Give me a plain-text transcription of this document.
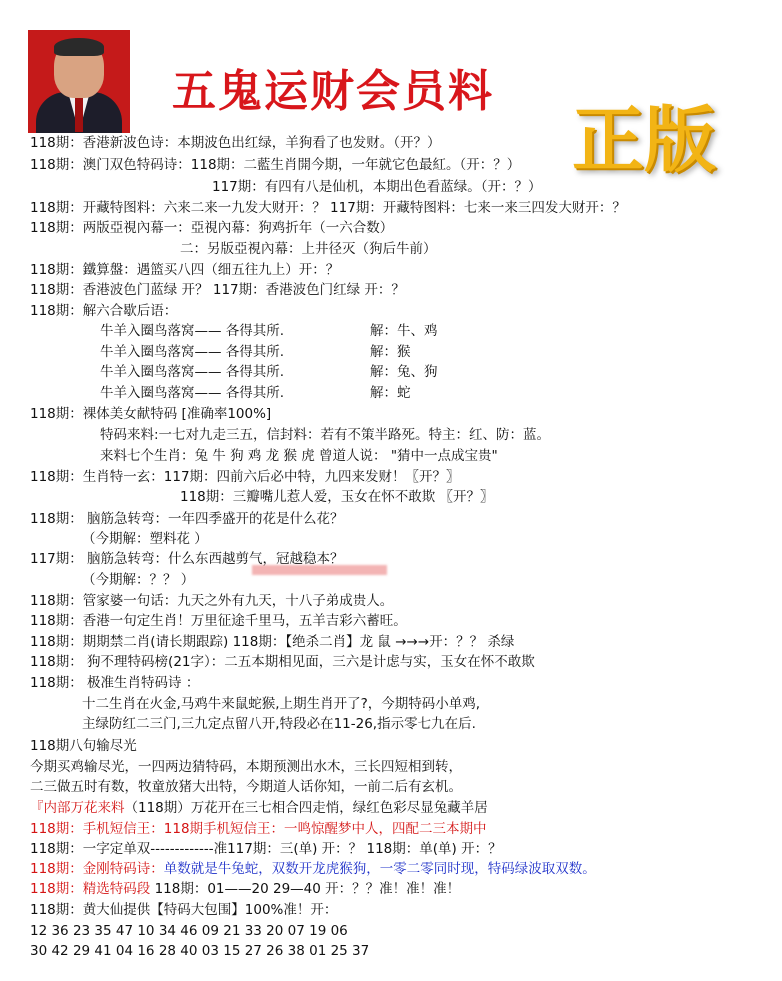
五鬼运财会员料
正版
118期：香港新波色诗：本期波色出红绿，羊狗看了也发财。（开？）
118期：澳门双色特码诗：118期：二藍生肖開今期，一年就它色最紅。（开：？）
117期：有四有八是仙机，本期出色看蓝绿。（开：？）
118期：开藏特图料：六来二来一九发大财开：？ 117期：开藏特图料：七来一来三四发大财开：？
118期：两版亞視內幕一：亞視內幕：狗鸡折年（一六合数）
二：另版亞視內幕：上井径灭（狗后牛前）
118期：鐵算盤：遇篮买八四（细五往九上）开：？
118期：香港波色门蓝绿 开？ 117期：香港波色门红绿 开：？
118期：解六合歇后语：
牛羊入圈鸟落窝—— 各得其所.	解：牛、鸡
牛羊入圈鸟落窝—— 各得其所.	解：猴
牛羊入圈鸟落窝—— 各得其所.	解：兔、狗
牛羊入圈鸟落窝—— 各得其所.	解：蛇
118期：裸体美女献特码 [准确率100%]
特码来料:一七对九走三五，信封料：若有不策半路死。特主：红、防：蓝。
来料七个生肖：兔 牛 狗 鸡 龙 猴 虎 曾道人说： "猜中一点成宝贵"
118期：生肖特一玄：117期：四前六后必中特，九四来发财！〖开？〗
118期：三瓣嘴儿惹人爱，玉女在怀不敢欺 〖开？〗
118期： 脑筋急转弯：一年四季盛开的花是什么花？
（今期解：塑料花 ）
117期： 脑筋急转弯：什么东西越剪气，冠越稳本？
（今期解：？？ ）
118期：管家婆一句话：九天之外有九天，十八子弟成贵人。
118期：香港一句定生肖！万里征途千里马，五羊吉彩六蓄旺。
118期：期期禁二肖(请长期跟踪) 118期：【绝杀二肖】龙 鼠 →→→开：？？ 杀绿
118期： 狗不理特码榜(21字）：二五本期相见面，三六是计虑与实，玉女在怀不敢欺
118期： 极准生肖特码诗 ：
十二生肖在火金,马鸡牛来鼠蛇猴,上期生肖开了?，今期特码小单鸡,
主绿防红二三门,三九定点留八开,特段必在11-26,指示零七九在后.
118期八句输尽光
今期买鸡输尽光，一四两边猜特码，本期预测出水木，三长四短相到转，
二三做五时有数，牧童放猪大出特，今期道人话你知，一前二后有玄机。
『内部万花来料（118期）万花开在三七相合四走悄，绿红色彩尽显兔藏羊居
118期：手机短信王：118期手机短信王：一鸣惊醒梦中人，四配二三本期中
118期：一字定单双-------------准117期：三(单) 开：？ 118期：单(单) 开：？
118期：金刚特码诗：单数就是牛兔蛇，双数开龙虎猴狗，一零二零同时现，特码绿波取双数。
118期：精选特码段 118期：01——20 29—40 开：？？准！准！准！
118期：黄大仙提供【特码大包围】100%准！开：
12 36 23 35 47 10 34 46 09 21 33 20 07 19 06
30 42 29 41 04 16 28 40 03 15 27 26 38 01 25 37
